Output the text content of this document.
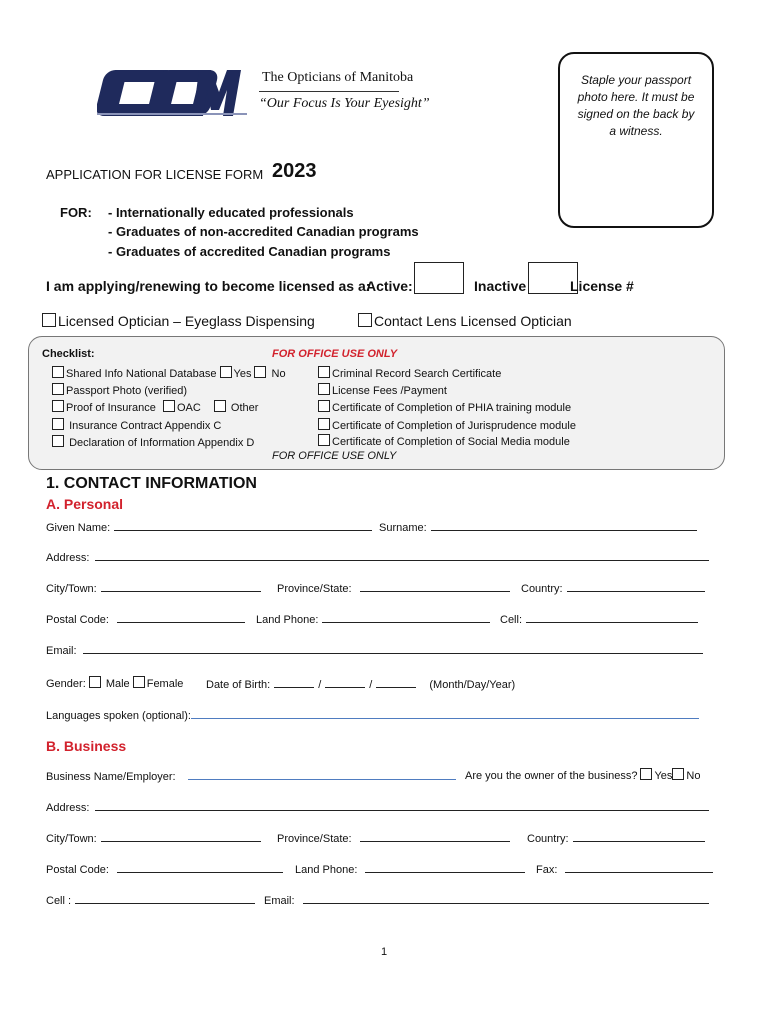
The Opticians of Manitoba
“Our Focus Is Your Eyesight”
Staple your passport photo here. It must be signed on the back by a witness.
APPLICATION FOR LICENSE FORM 2023
FOR: - Internationally educated professionals
- Graduates of non-accredited Canadian programs
- Graduates of accredited Canadian programs
I am applying/renewing to become licensed as a:
Active:	Inactive	License #
Licensed Optician – Eyeglass Dispensing	Contact Lens Licensed Optician
Checklist:	FOR OFFICE USE ONLY
Shared Info National Database Yes No
Passport Photo (verified)
Proof of Insurance OAC	Other
Insurance Contract Appendix C
Declaration of Information Appendix D
Criminal Record Search Certificate
License Fees /Payment
Certificate of Completion of PHIA training module
Certificate of Completion of Jurisprudence module
Certificate of Completion of Social Media module
FOR OFFICE USE ONLY
1. CONTACT INFORMATION
A. Personal
Given Name:	Surname:
Address:
City/Town:	Province/State:	Country:
Postal Code:	Land Phone:	Cell:
Email:
Gender: Male Female Date of Birth:	/	/	(Month/Day/Year)
Languages spoken (optional):
B. Business
Business Name/Employer:	Are you the owner of the business? Yes No
Address:
City/Town:	Province/State:	Country:
Postal Code:	Land Phone:	Fax:
Cell :	Email:
1
